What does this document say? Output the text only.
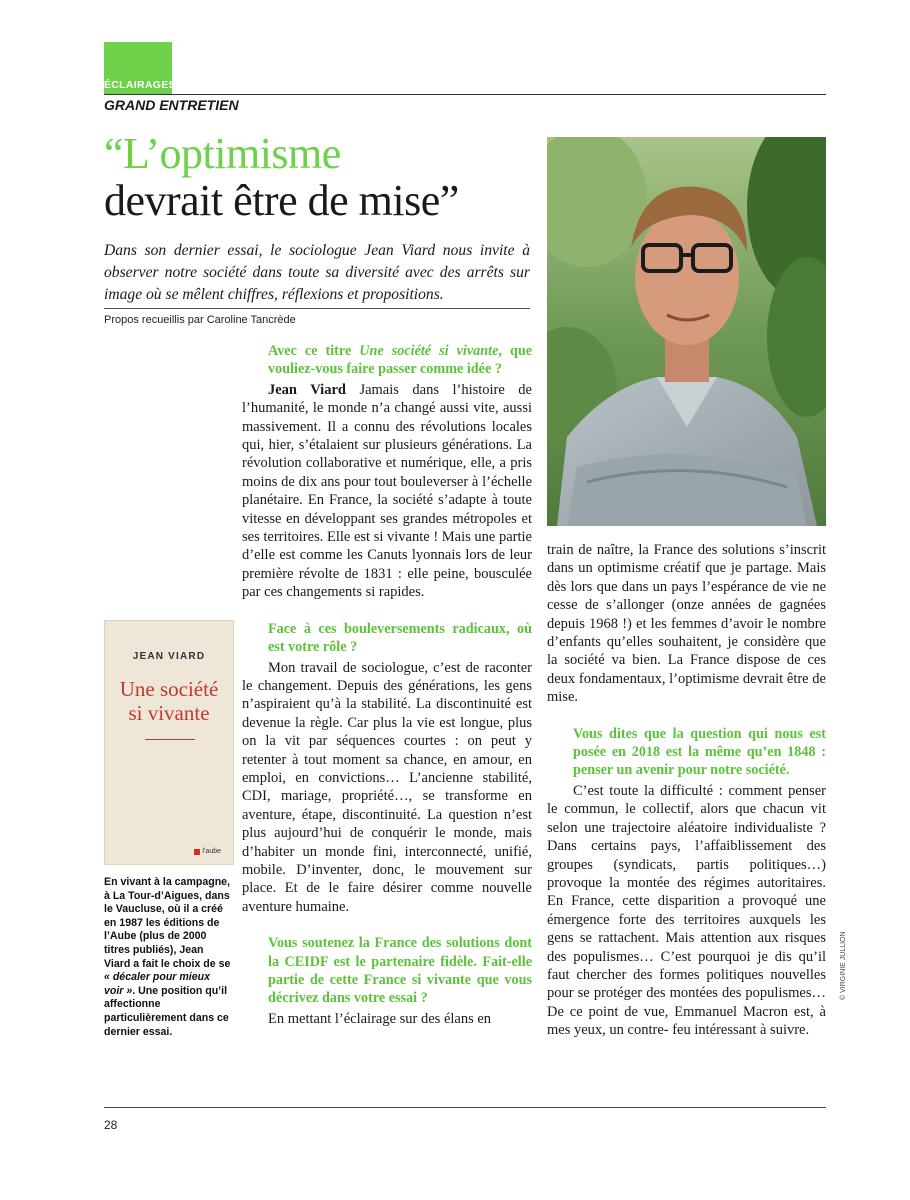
ÉCLAIRAGES
GRAND ENTRETIEN
“L’optimisme
devrait être de mise”

Dans son dernier essai, le sociologue Jean Viard nous invite à observer notre société dans toute sa diversité avec des arrêts sur image où se mêlent chiffres, réflexions et propositions.

Propos recueillis par Caroline Tancrède
JEAN VIARD
Une société
si vivante
l’aube

En vivant à la campagne, à La Tour-d’Aigues, dans le Vaucluse, où il a créé en 1987 les éditions de l’Aube (plus de 2000 titres publiés), Jean Viard a fait le choix de se « décaler pour mieux voir ». Une position qu’il affectionne particulièrement dans ce dernier essai.

Avec ce titre Une société si vivante, que vouliez-vous faire passer comme idée ?

Jean Viard Jamais dans l’histoire de l’humanité, le monde n’a changé aussi vite, aussi massivement. Il a connu des révolutions locales qui, hier, s’étalaient sur plusieurs générations. La révolution collaborative et numérique, elle, a pris moins de dix ans pour tout bouleverser à l’échelle planétaire. En France, la société s’adapte à toute vitesse en développant ses grandes métropoles et ses territoires. Elle est si vivante ! Mais une partie d’elle est comme les Canuts lyonnais lors de leur première révolte de 1831 : elle peine, bousculée par ces changements si rapides.

Face à ces bouleversements radicaux, où est votre rôle ?

Mon travail de sociologue, c’est de raconter le changement. Depuis des générations, les gens n’aspiraient qu’à la stabilité. La discontinuité est devenue la règle. Car plus la vie est longue, plus on la vit par séquences courtes : on peut y retenter à tout moment sa chance, en amour, en emploi, en convictions… L’ancienne stabilité, CDI, mariage, propriété…, se transforme en aventure, étape, discontinuité. La question n’est plus aujourd’hui de conquérir le monde, mais d’habiter un monde fini, interconnecté, unifié, mobile. D’inventer, donc, le mouvement sur place. Et de le faire désirer comme nouvelle aventure humaine.

Vous soutenez la France des solutions dont la CEIDF est le partenaire fidèle. Fait-elle partie de cette France si vivante que vous décrivez dans votre essai ?

En mettant l’éclairage sur des élans en

train de naître, la France des solutions s’inscrit dans un optimisme créatif que je partage. Mais dès lors que dans un pays l’espérance de vie ne cesse de s’allonger (onze années de gagnées depuis 1968 !) et les femmes d’avoir le nombre d’enfants qu’elles souhaitent, je considère que la société va bien. La France dispose de ces deux fondamentaux, l’optimisme devrait être de mise.

Vous dites que la question qui nous est posée en 2018 est la même qu’en 1848 : penser un avenir pour notre société.

C’est toute la difficulté : comment penser le commun, le collectif, alors que chacun vit selon une trajectoire aléatoire individualiste ? Dans certains pays, l’affaiblissement des groupes (syndicats, partis politiques…) provoque la montée des régimes autoritaires. En France, cette disparition a provoqué une émergence forte des territoires auxquels les gens se rattachent. Mais attention aux risques des populismes… C’est pourquoi je dis qu’il faut chercher des formes politiques nouvelles pour se protéger des montées des populismes… De ce point de vue, Emmanuel Macron est, à mes yeux, un contre- feu intéressant à suivre.

© VIRGINIE JULLION
28
